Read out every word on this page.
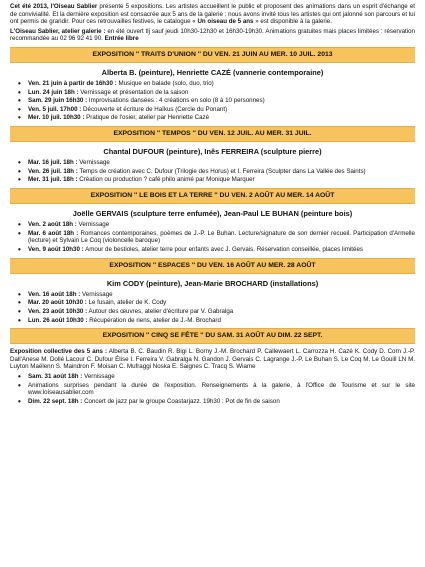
Cet été 2013, l'Oiseau Sablier présente 5 expositions. Les artistes accueillent le public et proposent des animations dans un esprit d'échange et de convivialité. Et la dernière exposition est consacrée aux 5 ans de la galerie : nous avons invité tous les artistes qui ont jalonné son parcours et lui ont permis de grandir. Pour ces retrouvailles festives, le catalogue « Un oiseau de 5 ans » est disponible à la galerie.

L'Oiseau Sablier, atelier galerie : en été ouvert tlj sauf jeudi 10h30-12h30 et 16h30-19h30. Animations gratuites mais places limitées : réservation recommandée au 02 96 92 41 90. Entrée libre

EXPOSITION '' TRAITS D'UNION '' DU VEN. 21 JUIN AU MER. 10 JUIL. 2013
Alberta B. (peinture), Henriette CAZÉ (vannerie contemporaine)
• Ven. 21 juin à partir de 16h30 : Musique en balade (solo, duo, trio)
• Lun. 24 juin 18h : Vernissage et présentation de la saison
• Sam. 29 juin 16h30 : Improvisations dansées : 4 créations en solo (8 à 10 personnes)
• Ven. 5 juil. 17h00 : Découverte et écriture de Haïkus (Cercle du Ponant)
• Mer. 10 juil. 10h30 : Pratique de l'osier, atelier par Henriette Cazé
EXPOSITION '' TEMPOS '' DU VEN. 12 JUIL. AU MER. 31 JUIL.
Chantal DUFOUR (peinture), Inês FERREIRA (sculpture pierre)
• Mar. 16 juil. 18h : Vernissage
• Ven. 26 juil. 18h : Temps de création avec C. Dufour (Trilogie des Horus) et I. Ferreira (Sculpter dans La Vallée des Saints)
• Mer. 31 juil. 18h : Création ou production ? café philo animé par Monique Marquer
EXPOSITION '' LE BOIS ET LA TERRE '' DU VEN. 2 AOÛT AU MER. 14 AOÛT
Joëlle GERVAIS (sculpture terre enfumée), Jean-Paul LE BUHAN (peinture bois)
• Ven. 2 août 18h : Vernissage
• Mar. 6 août 18h : Romances contemporaines, poèmes de J.-P. Le Buhan. Lecture/signature de son dernier recueil. Participation d'Armelle (lecture) et Sylvain Le Coq (violoncelle baroque)
• Ven. 9 août 10h30 : Amour de bestioles, atelier terre pour enfants avec J. Gervais. Réservation conseillée, places limitées
EXPOSITION '' ESPACES '' DU VEN. 16 AOÛT AU MER. 28 AOÛT
Kim CODY (peinture), Jean-Marie BROCHARD (installations)
• Ven. 16 août 18h : Vernissage
• Mar. 20 août 10h30 : Le fusain, atelier de K. Cody
• Ven. 23 août 10h30 : Autour des œuvres, atelier d'écriture par V. Gabralga
• Lun. 26 août 10h30 : Récupération de riens, atelier de J.-M. Brochard
EXPOSITION '' CINQ SE FÊTE '' DU SAM. 31 AOÛT AU DIM. 22 SEPT.

Exposition collective des 5 ans : Alberta B. C. Baudin R. Bigi L. Borny J.-M. Brochard P. Callewaert L. Carrozza H. Cazé K. Cody D. Corn J.-P. Dall'Anese M. Dollé Lacour C. Dufour Élise I. Ferreira V. Gabralga N. Gandon J. Gervais C. Lagrange J.-P. Le Buhan S. Le Coq M. Le Gouill LN M. Luyton Maëlenn S. Maindron F. Moisan C. Mufraggi Noska E. Saignes C. Tracq S. Wiame

• Sam. 31 août 18h : Vernissage
• Animations surprises pendant la durée de l'exposition. Renseignements à la galerie, à l'Office de Tourisme et sur le site www.loiseausablier.com
• Dim. 22 sept. 18h : Concert de jazz par le groupe Coastarjazz. 19h30 : Pot de fin de saison
